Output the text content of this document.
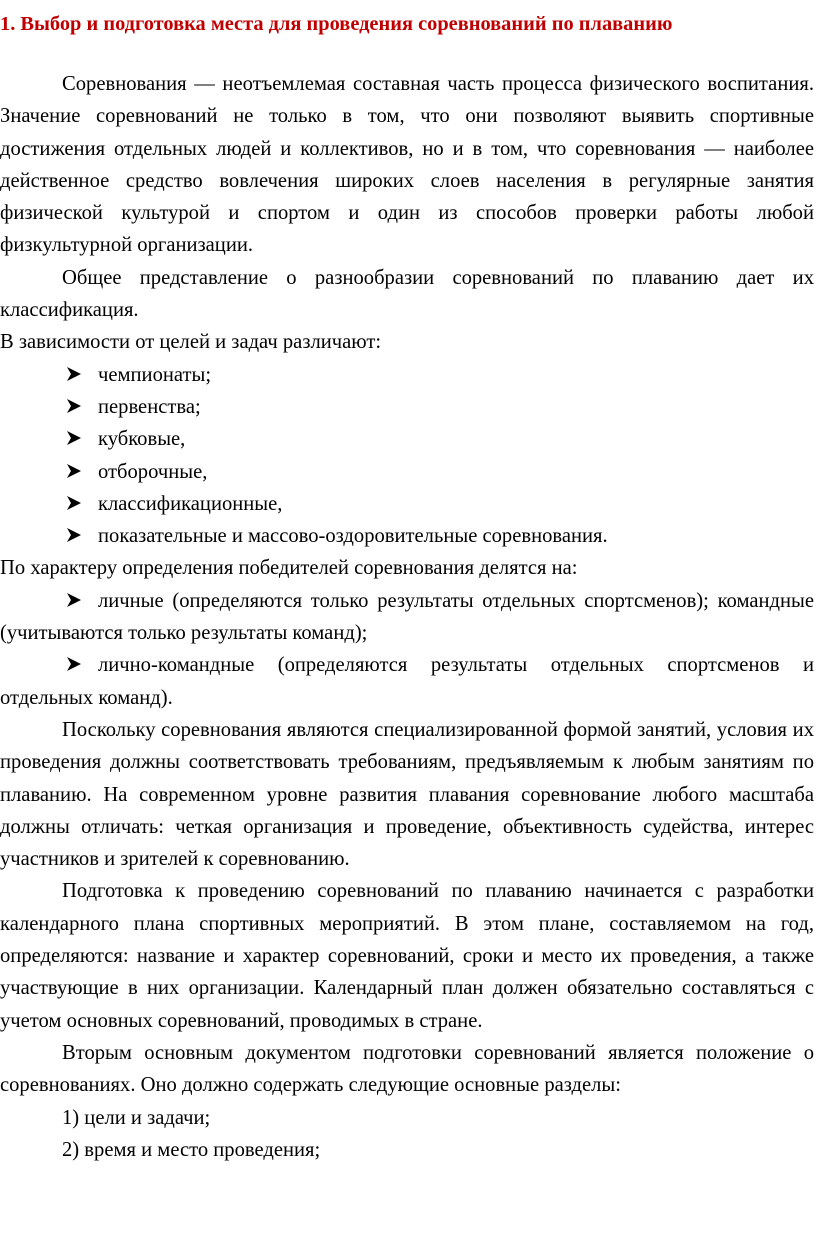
1. Выбор и подготовка места для проведения соревнований по плаванию

Соревнования — неотъемлемая составная часть процесса физического воспитания. Значение соревнований не только в том, что они позволяют выявить спортивные достижения отдельных людей и коллективов, но и в том, что соревнования — наиболее действенное средство вовлечения широких слоев населения в регулярные занятия физической культурой и спортом и один из способов проверки работы любой физкультурной организации.

Общее представление о разнообразии соревнований по плаванию дает их классификация.

В зависимости от целей и задач различают:

чемпионаты;
первенства;
кубковые,
отборочные,
классификационные,
показательные и массово-оздоровительные соревнования.

По характеру определения победителей соревнования делятся на:

личные (определяются только результаты отдельных спортсменов); командные (учитываются только результаты команд);

лично-командные (определяются результаты отдельных спортсменов и отдельных команд).

Поскольку соревнования являются специализированной формой занятий, условия их проведения должны соответствовать требованиям, предъявляемым к любым занятиям по плаванию. На современном уровне развития плавания соревнование любого масштаба должны отличать: четкая организация и проведение, объективность судейства, интерес участников и зрителей к соревнованию.

Подготовка к проведению соревнований по плаванию начинается с разработки календарного плана спортивных мероприятий. В этом плане, составляемом на год, определяются: название и характер соревнований, сроки и место их проведения, а также участвующие в них организации. Календарный план должен обязательно составляться с учетом основных соревнований, проводимых в стране.

Вторым основным документом подготовки соревнований является положение о соревнованиях. Оно должно содержать следующие основные разделы:

1) цели и задачи;

2) время и место проведения;
